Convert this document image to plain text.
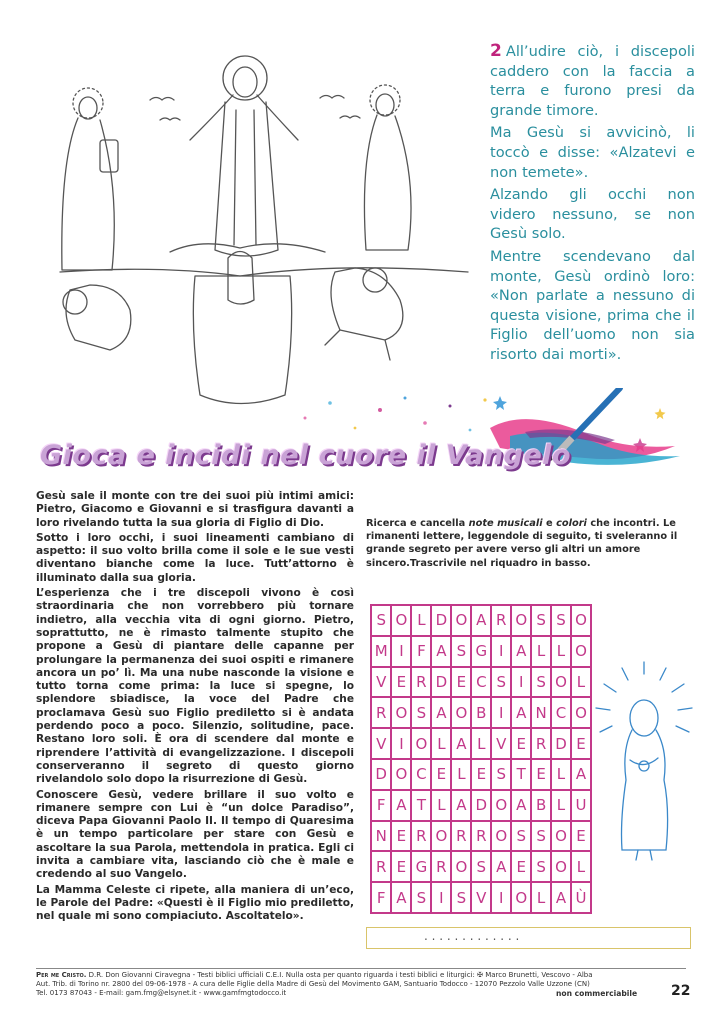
2 All’udire ciò, i discepoli caddero con la faccia a terra e furono presi da grande timore.

Ma Gesù si avvicinò, li toccò e disse: «Alzatevi e non temete».

Alzando gli occhi non videro nessuno, se non Gesù solo.

Mentre scendevano dal monte, Gesù ordinò loro: «Non parlate a nessuno di questa visione, prima che il Figlio dell’uomo non sia risorto dai morti».

Gioca e incidi nel cuore il Vangelo

Gesù sale il monte con tre dei suoi più intimi amici: Pietro, Giacomo e Giovanni e si trasfigura davanti a loro rivelando tutta la sua gloria di Figlio di Dio.

Sotto i loro occhi, i suoi lineamenti cambiano di aspetto: il suo volto brilla come il sole e le sue vesti diventano bianche come la luce. Tutt’attorno è illuminato dalla sua gloria.

L’esperienza che i tre discepoli vivono è così straordinaria che non vorrebbero più tornare indietro, alla vecchia vita di ogni giorno. Pietro, soprattutto, ne è rimasto talmente stupito che propone a Gesù di piantare delle capanne per prolungare la permanenza dei suoi ospiti e rimanere ancora un po’ lì. Ma una nube nasconde la visione e tutto torna come prima: la luce si spegne, lo splendore sbiadisce, la voce del Padre che proclamava Gesù suo Figlio prediletto si è andata perdendo poco a poco. Silenzio, solitudine, pace. Restano loro soli. È ora di scendere dal monte e riprendere l’attività di evangelizzazione. I discepoli conserveranno il segreto di questo giorno rivelandolo solo dopo la risurrezione di Gesù.

Conoscere Gesù, vedere brillare il suo volto e rimanere sempre con Lui è “un dolce Paradiso”, diceva Papa Giovanni Paolo II. Il tempo di Quaresima è un tempo particolare per stare con Gesù e ascoltare la sua Parola, mettendola in pratica. Egli ci invita a cambiare vita, lasciando ciò che è male e credendo al suo Vangelo.

La Mamma Celeste ci ripete, alla maniera di un’eco, le Parole del Padre: «Questi è il Figlio mio prediletto, nel quale mi sono compiaciuto. Ascoltatelo».

Ricerca e cancella note musicali e colori che incontri. Le rimanenti lettere, leggendole di seguito, ti sveleranno il grande segreto per avere verso gli altri un amore sincero.Trascrivile nel riquadro in basso.
S	O	L	D	O	A	R	O	S	S	O
M	I	F	A	S	G	I	A	L	L	O
V	E	R	D	E	C	S	I	S	O	L
R	O	S	A	O	B	I	A	N	C	O
V	I	O	L	A	L	V	E	R	D	E
D	O	C	E	L	E	S	T	E	L	A
F	A	T	L	A	D	O	A	B	L	U
N	E	R	O	R	R	O	S	S	O	E
R	E	G	R	O	S	A	E	S	O	L
F	A	S	I	S	V	I	O	L	A	Ù
. . . . . . . . . . . . .
Per me Cristo. D.R. Don Giovanni Ciravegna - Testi biblici ufficiali C.E.I. Nulla osta per quanto riguarda i testi biblici e liturgici: ✠ Marco Brunetti, Vescovo - Alba
Aut. Trib. di Torino nr. 2800 del 09-06-1978 - A cura delle Figlie della Madre di Gesù del Movimento GAM, Santuario Todocco - 12070 Pezzolo Valle Uzzone (CN)
Tel. 0173 87043 - E-mail: gam.fmg@elsynet.it - www.gamfmgtodocco.it	non commerciabile 22
